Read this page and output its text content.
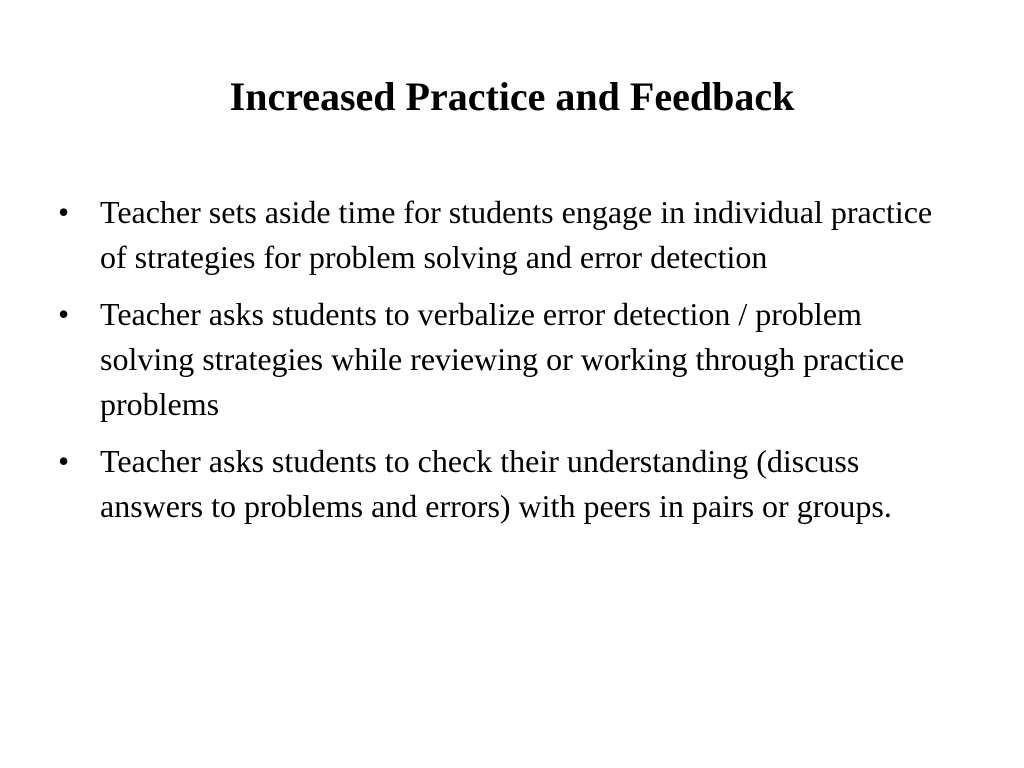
Increased Practice and Feedback
• Teacher sets aside time for students engage in individual practice of strategies for problem solving and error detection
• Teacher asks students to verbalize error detection / problem solving strategies while reviewing or working through practice problems
• Teacher asks students to check their understanding (discuss answers to problems and errors) with peers in pairs or groups.
